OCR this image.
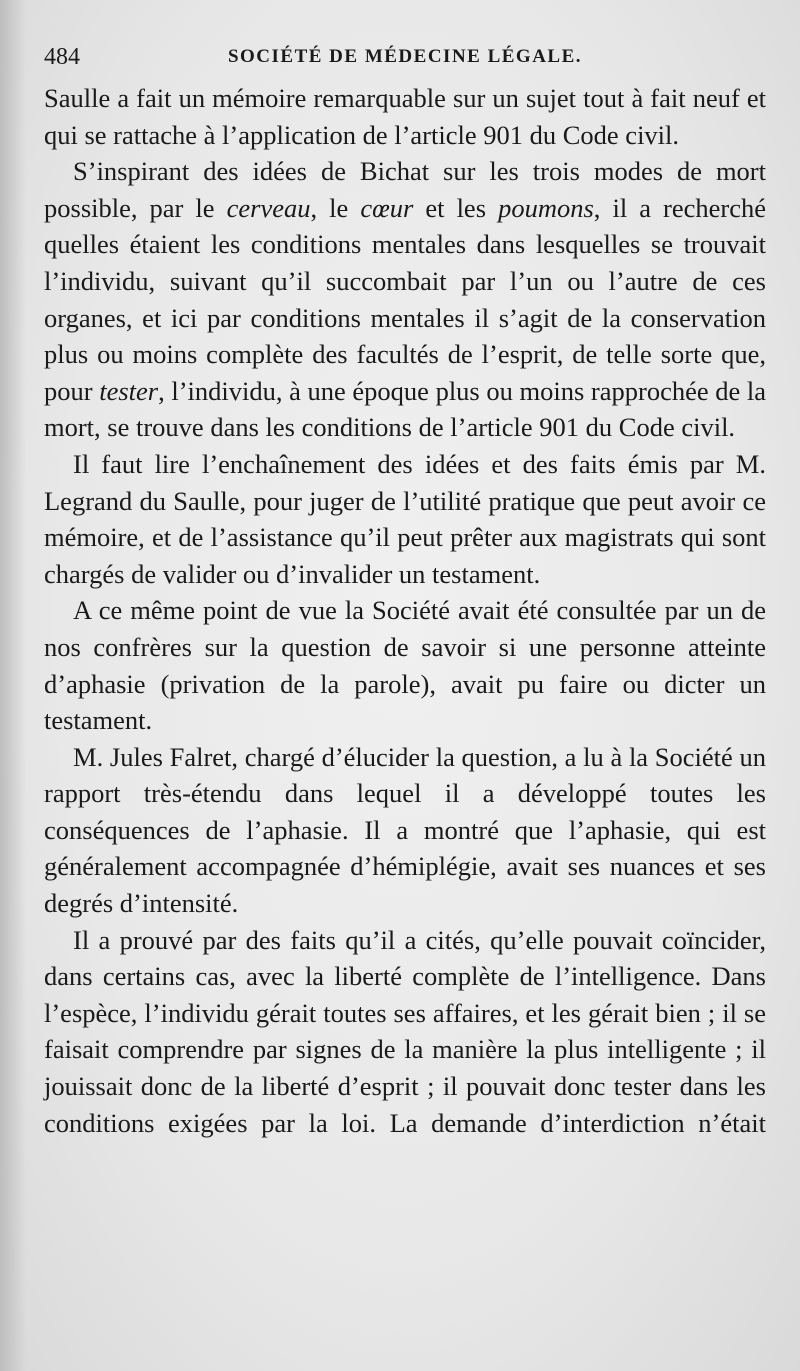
484	SOCIÉTÉ DE MÉDECINE LÉGALE.

Saulle a fait un mémoire remarquable sur un sujet tout à fait neuf et qui se rattache à l’application de l’article 901 du Code civil.

S’inspirant des idées de Bichat sur les trois modes de mort possible, par le cerveau, le cœur et les poumons, il a recherché quelles étaient les conditions mentales dans lesquelles se trouvait l’individu, suivant qu’il succombait par l’un ou l’autre de ces organes, et ici par conditions mentales il s’agit de la conservation plus ou moins complète des facultés de l’esprit, de telle sorte que, pour tester, l’individu, à une époque plus ou moins rapprochée de la mort, se trouve dans les conditions de l’article 901 du Code civil.

Il faut lire l’enchaînement des idées et des faits émis par M. Legrand du Saulle, pour juger de l’utilité pratique que peut avoir ce mémoire, et de l’assistance qu’il peut prêter aux magistrats qui sont chargés de valider ou d’invalider un testament.

A ce même point de vue la Société avait été consultée par un de nos confrères sur la question de savoir si une personne atteinte d’aphasie (privation de la parole), avait pu faire ou dicter un testament.

M. Jules Falret, chargé d’élucider la question, a lu à la Société un rapport très-étendu dans lequel il a développé toutes les conséquences de l’aphasie. Il a montré que l’aphasie, qui est généralement accompagnée d’hémiplégie, avait ses nuances et ses degrés d’intensité.

Il a prouvé par des faits qu’il a cités, qu’elle pouvait coïncider, dans certains cas, avec la liberté complète de l’intelligence. Dans l’espèce, l’individu gérait toutes ses affaires, et les gérait bien ; il se faisait comprendre par signes de la manière la plus intelligente ; il jouissait donc de la liberté d’esprit ; il pouvait donc tester dans les conditions exigées par la loi. La demande d’interdiction n’était
